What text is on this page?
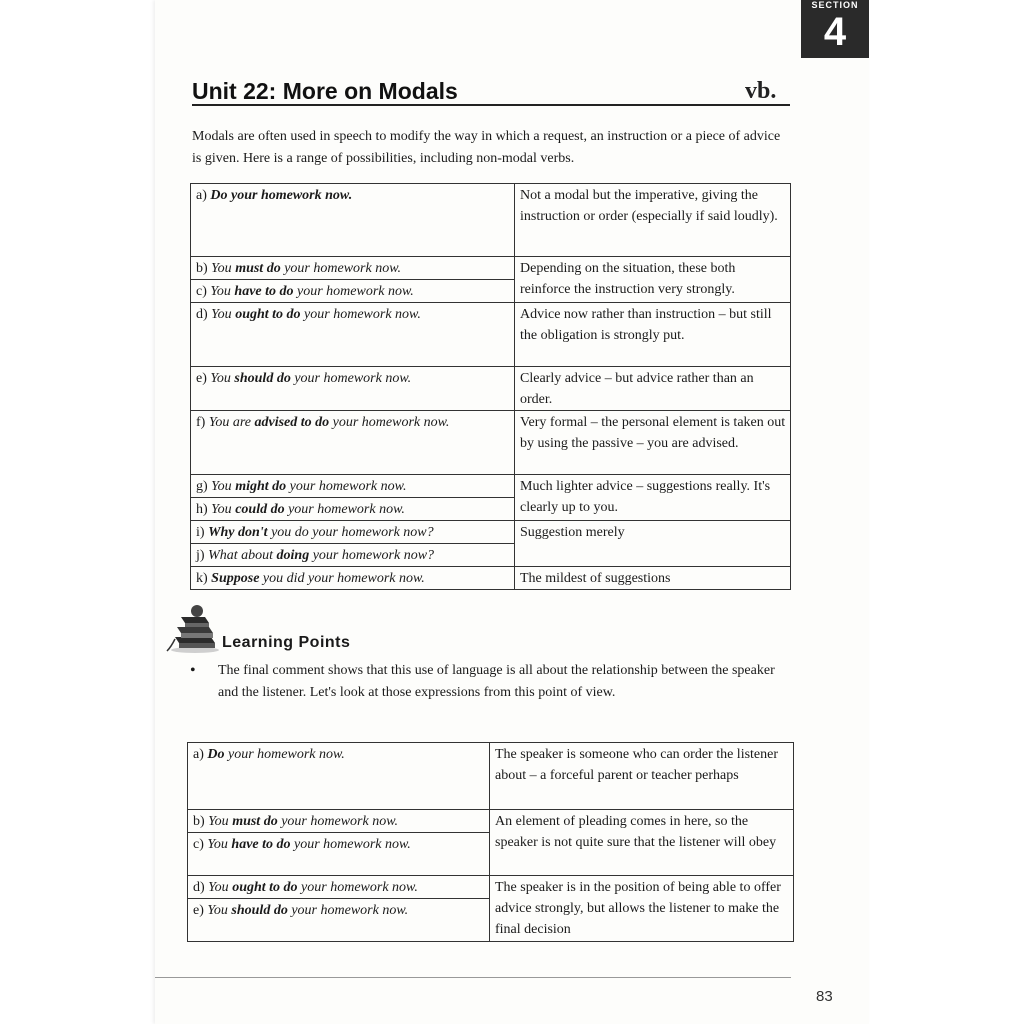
SECTION
4
Unit 22: More on Modals	vb.
Modals are often used in speech to modify the way in which a request, an instruction or a piece of advice is given. Here is a range of possibilities, including non-modal verbs.
a) Do your homework now.	Not a modal but the imperative, giving the instruction or order (especially if said loudly).
b) You must do your homework now.	Depending on the situation, these both reinforce the instruction very strongly.
c) You have to do your homework now.	
d) You ought to do your homework now.	Advice now rather than instruction – but still the obligation is strongly put.
e) You should do your homework now.	Clearly advice – but advice rather than an order.
f) You are advised to do your homework now.	Very formal – the personal element is taken out by using the passive – you are advised.
g) You might do your homework now.	Much lighter advice – suggestions really. It's clearly up to you.
h) You could do your homework now.	
i) Why don't you do your homework now?	Suggestion merely
j) What about doing your homework now?	
k) Suppose you did your homework now.	The mildest of suggestions
Learning Points
• The final comment shows that this use of language is all about the relationship between the speaker and the listener. Let's look at those expressions from this point of view.
a) Do your homework now.	The speaker is someone who can order the listener about – a forceful parent or teacher perhaps
b) You must do your homework now.	An element of pleading comes in here, so the speaker is not quite sure that the listener will obey
c) You have to do your homework now.	
d) You ought to do your homework now.	The speaker is in the position of being able to offer advice strongly, but allows the listener to make the final decision
e) You should do your homework now.	
83
